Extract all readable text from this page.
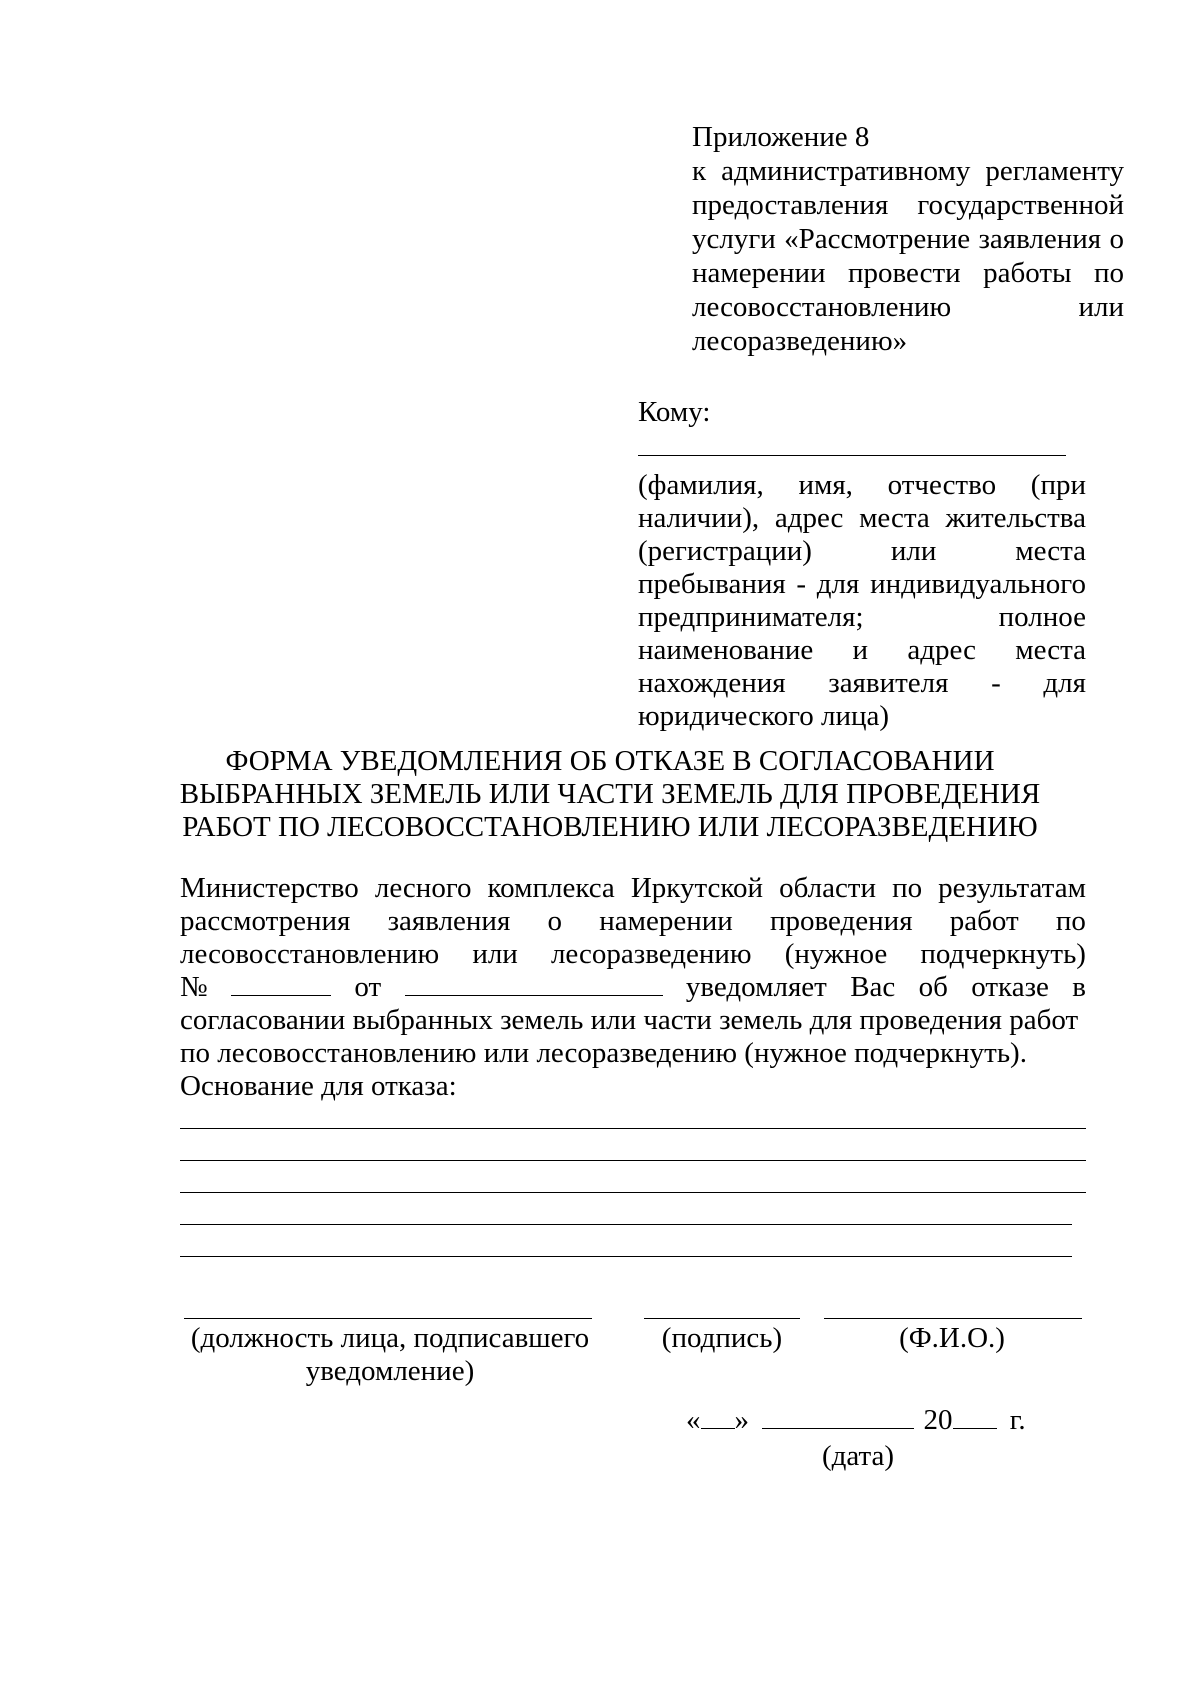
Приложение 8
к административному регламенту
предоставления государственной
услуги «Рассмотрение заявления о
намерении провести работы по
лесовосстановлению	или
лесоразведению»
Кому:
(фамилия, имя, отчество (при
наличии), адрес места жительства
(регистрации)	или	места
пребывания - для индивидуального
предпринимателя;	полное
наименование и адрес места
нахождения заявителя - для
юридического лица)
ФОРМА УВЕДОМЛЕНИЯ ОБ ОТКАЗЕ В СОГЛАСОВАНИИ
ВЫБРАННЫХ ЗЕМЕЛЬ ИЛИ ЧАСТИ ЗЕМЕЛЬ ДЛЯ ПРОВЕДЕНИЯ
РАБОТ ПО ЛЕСОВОССТАНОВЛЕНИЮ ИЛИ ЛЕСОРАЗВЕДЕНИЮ
Министерство лесного комплекса Иркутской области по результатам
рассмотрения заявления о намерении проведения работ по
лесовосстановлению или лесоразведению (нужное подчеркнуть)
№	от	уведомляет Вас об отказе в
согласовании выбранных земель или части земель для проведения работ
по лесовосстановлению или лесоразведению (нужное подчеркнуть).
Основание для отказа:
(должность лица, подписавшего
уведомление)
(подпись)	(Ф.И.О.)
« »	20 г.
(дата)
